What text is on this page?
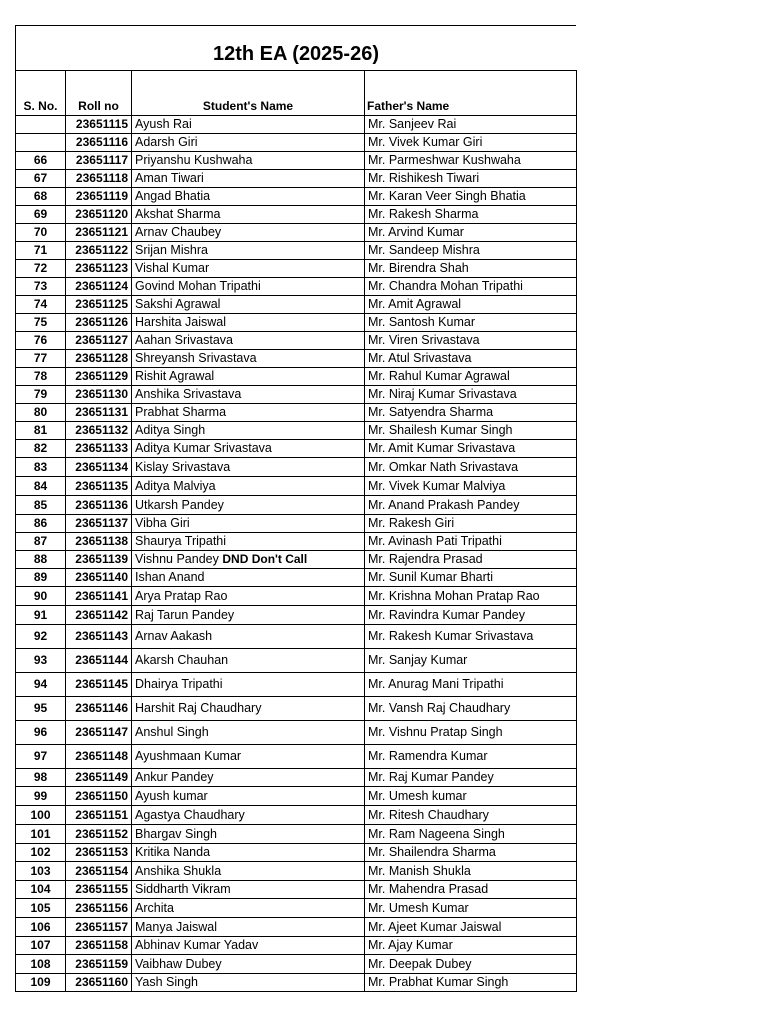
12th EA (2025-26)
S. No.	Roll no	Student's Name	Father's Name
	23651115	Ayush Rai	Mr. Sanjeev Rai
	23651116	Adarsh Giri	Mr. Vivek Kumar Giri
66	23651117	Priyanshu Kushwaha	Mr. Parmeshwar Kushwaha
67	23651118	Aman Tiwari	Mr. Rishikesh Tiwari
68	23651119	Angad Bhatia	Mr. Karan Veer Singh Bhatia
69	23651120	Akshat Sharma	Mr. Rakesh Sharma
70	23651121	Arnav Chaubey	Mr. Arvind Kumar
71	23651122	Srijan Mishra	Mr. Sandeep Mishra
72	23651123	Vishal Kumar	Mr. Birendra Shah
73	23651124	Govind Mohan Tripathi	Mr. Chandra Mohan Tripathi
74	23651125	Sakshi Agrawal	Mr. Amit Agrawal
75	23651126	Harshita Jaiswal	Mr. Santosh Kumar
76	23651127	Aahan Srivastava	Mr. Viren Srivastava
77	23651128	Shreyansh Srivastava	Mr. Atul Srivastava
78	23651129	Rishit Agrawal	Mr. Rahul Kumar Agrawal
79	23651130	Anshika Srivastava	Mr. Niraj Kumar Srivastava
80	23651131	Prabhat Sharma	Mr. Satyendra Sharma
81	23651132	Aditya Singh	Mr. Shailesh Kumar Singh
82	23651133	Aditya Kumar Srivastava	Mr. Amit Kumar Srivastava
83	23651134	Kislay Srivastava	Mr. Omkar Nath Srivastava
84	23651135	Aditya Malviya	Mr. Vivek Kumar Malviya
85	23651136	Utkarsh Pandey	Mr. Anand Prakash Pandey
86	23651137	Vibha Giri	Mr. Rakesh Giri
87	23651138	Shaurya Tripathi	Mr. Avinash Pati Tripathi
88	23651139	Vishnu Pandey DND Don't Call	Mr. Rajendra Prasad
89	23651140	Ishan Anand	Mr. Sunil Kumar Bharti
90	23651141	Arya Pratap Rao	Mr. Krishna Mohan Pratap Rao
91	23651142	Raj Tarun Pandey	Mr. Ravindra Kumar Pandey
92	23651143	Arnav Aakash	Mr. Rakesh Kumar Srivastava
93	23651144	Akarsh Chauhan	Mr. Sanjay Kumar
94	23651145	Dhairya Tripathi	Mr. Anurag Mani Tripathi
95	23651146	Harshit Raj Chaudhary	Mr. Vansh Raj Chaudhary
96	23651147	Anshul Singh	Mr. Vishnu Pratap Singh
97	23651148	Ayushmaan Kumar	Mr. Ramendra Kumar
98	23651149	Ankur Pandey	Mr. Raj Kumar Pandey
99	23651150	Ayush kumar	Mr. Umesh kumar
100	23651151	Agastya Chaudhary	Mr. Ritesh Chaudhary
101	23651152	Bhargav Singh	Mr. Ram Nageena Singh
102	23651153	Kritika Nanda	Mr. Shailendra Sharma
103	23651154	Anshika Shukla	Mr. Manish Shukla
104	23651155	Siddharth Vikram	Mr. Mahendra Prasad
105	23651156	Archita	Mr. Umesh Kumar
106	23651157	Manya Jaiswal	Mr. Ajeet Kumar Jaiswal
107	23651158	Abhinav Kumar Yadav	Mr. Ajay Kumar
108	23651159	Vaibhaw Dubey	Mr. Deepak Dubey
109	23651160	Yash Singh	Mr. Prabhat Kumar Singh
